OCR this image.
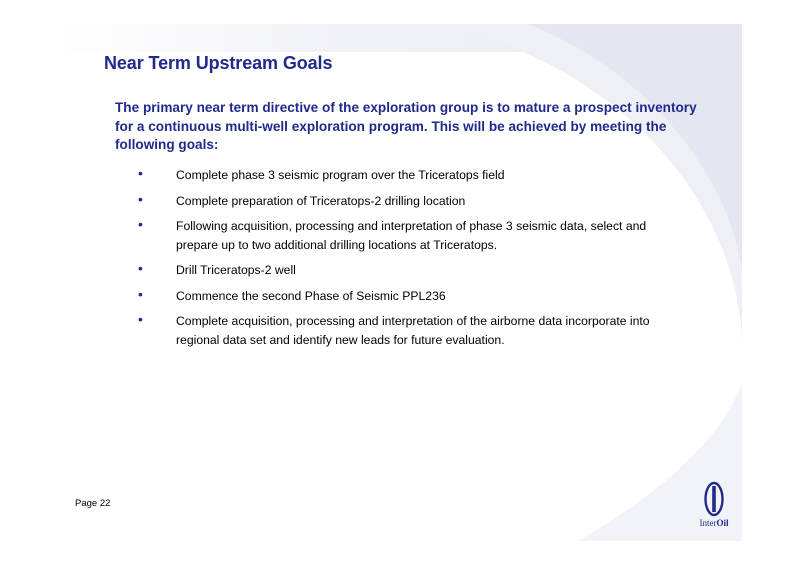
Near Term Upstream Goals

The primary near term directive of the exploration group is to mature a prospect inventory for a continuous multi-well exploration program. This will be achieved by meeting the following goals:

•	Complete phase 3 seismic program over the Triceratops field
•	Complete preparation of Triceratops-2 drilling location
•	Following acquisition, processing and interpretation of phase 3 seismic data, select and prepare up to two additional drilling locations at Triceratops.
•	Drill Triceratops-2 well
•	Commence the second Phase of Seismic PPL236
•	Complete acquisition, processing and interpretation of the airborne data incorporate into regional data set and identify new leads for future evaluation.
Page 22
InterOil
